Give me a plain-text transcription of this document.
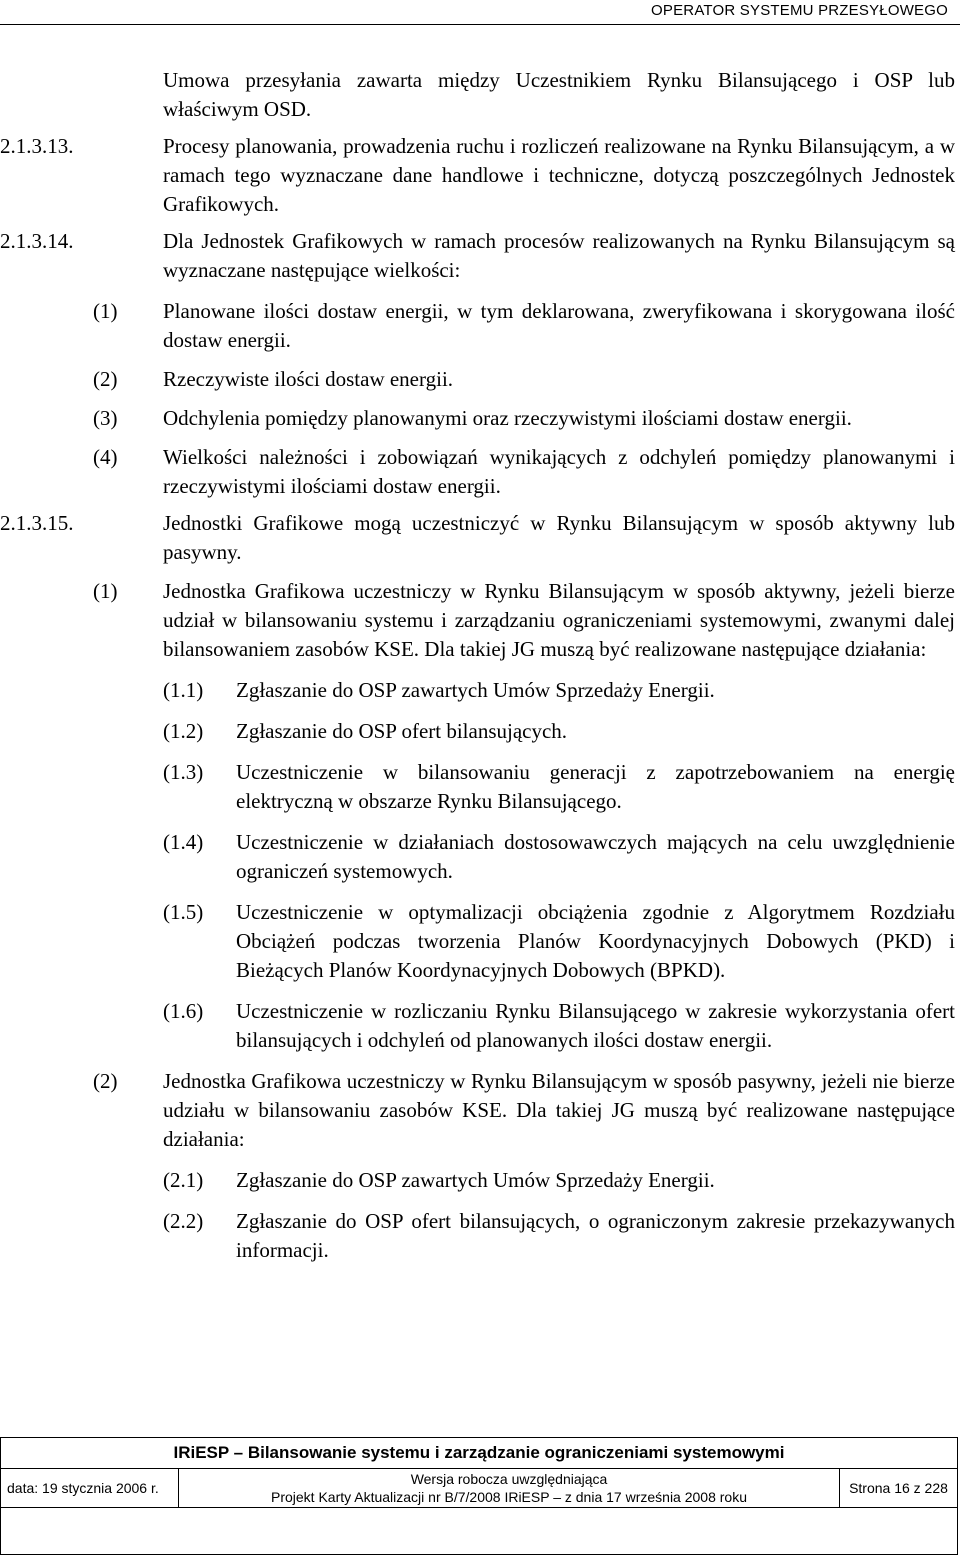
OPERATOR SYSTEMU PRZESYŁOWEGO
Umowa przesyłania zawarta między Uczestnikiem Rynku Bilansującego i OSP lub właściwym OSD.
2.1.3.13.	Procesy planowania, prowadzenia ruchu i rozliczeń realizowane na Rynku Bilansującym, a w ramach tego wyznaczane dane handlowe i techniczne, dotyczą poszczególnych Jednostek Grafikowych.
2.1.3.14.	Dla Jednostek Grafikowych w ramach procesów realizowanych na Rynku Bilansującym są wyznaczane następujące wielkości:
(1) Planowane ilości dostaw energii, w tym deklarowana, zweryfikowana i skorygowana ilość dostaw energii.
(2) Rzeczywiste ilości dostaw energii.
(3) Odchylenia pomiędzy planowanymi oraz rzeczywistymi ilościami dostaw energii.
(4) Wielkości należności i zobowiązań wynikających z odchyleń pomiędzy planowanymi i rzeczywistymi ilościami dostaw energii.
2.1.3.15.	Jednostki Grafikowe mogą uczestniczyć w Rynku Bilansującym w sposób aktywny lub pasywny.
(1) Jednostka Grafikowa uczestniczy w Rynku Bilansującym w sposób aktywny, jeżeli bierze udział w bilansowaniu systemu i zarządzaniu ograniczeniami systemowymi, zwanymi dalej bilansowaniem zasobów KSE. Dla takiej JG muszą być realizowane następujące działania:
(1.1) Zgłaszanie do OSP zawartych Umów Sprzedaży Energii.
(1.2) Zgłaszanie do OSP ofert bilansujących.
(1.3) Uczestniczenie w bilansowaniu generacji z zapotrzebowaniem na energię elektryczną w obszarze Rynku Bilansującego.
(1.4) Uczestniczenie w działaniach dostosowawczych mających na celu uwzględnienie ograniczeń systemowych.
(1.5) Uczestniczenie w optymalizacji obciążenia zgodnie z Algorytmem Rozdziału Obciążeń podczas tworzenia Planów Koordynacyjnych Dobowych (PKD) i Bieżących Planów Koordynacyjnych Dobowych (BPKD).
(1.6) Uczestniczenie w rozliczaniu Rynku Bilansującego w zakresie wykorzystania ofert bilansujących i odchyleń od planowanych ilości dostaw energii.
(2) Jednostka Grafikowa uczestniczy w Rynku Bilansującym w sposób pasywny, jeżeli nie bierze udziału w bilansowaniu zasobów KSE. Dla takiej JG muszą być realizowane następujące działania:
(2.1) Zgłaszanie do OSP zawartych Umów Sprzedaży Energii.
(2.2) Zgłaszanie do OSP ofert bilansujących, o ograniczonym zakresie przekazywanych informacji.
IRiESP – Bilansowanie systemu i zarządzanie ograniczeniami systemowymi
data: 19 stycznia 2006 r.
Wersja robocza uwzględniająca
Projekt Karty Aktualizacji nr B/7/2008 IRiESP – z dnia 17 września 2008 roku
Strona 16 z 228
